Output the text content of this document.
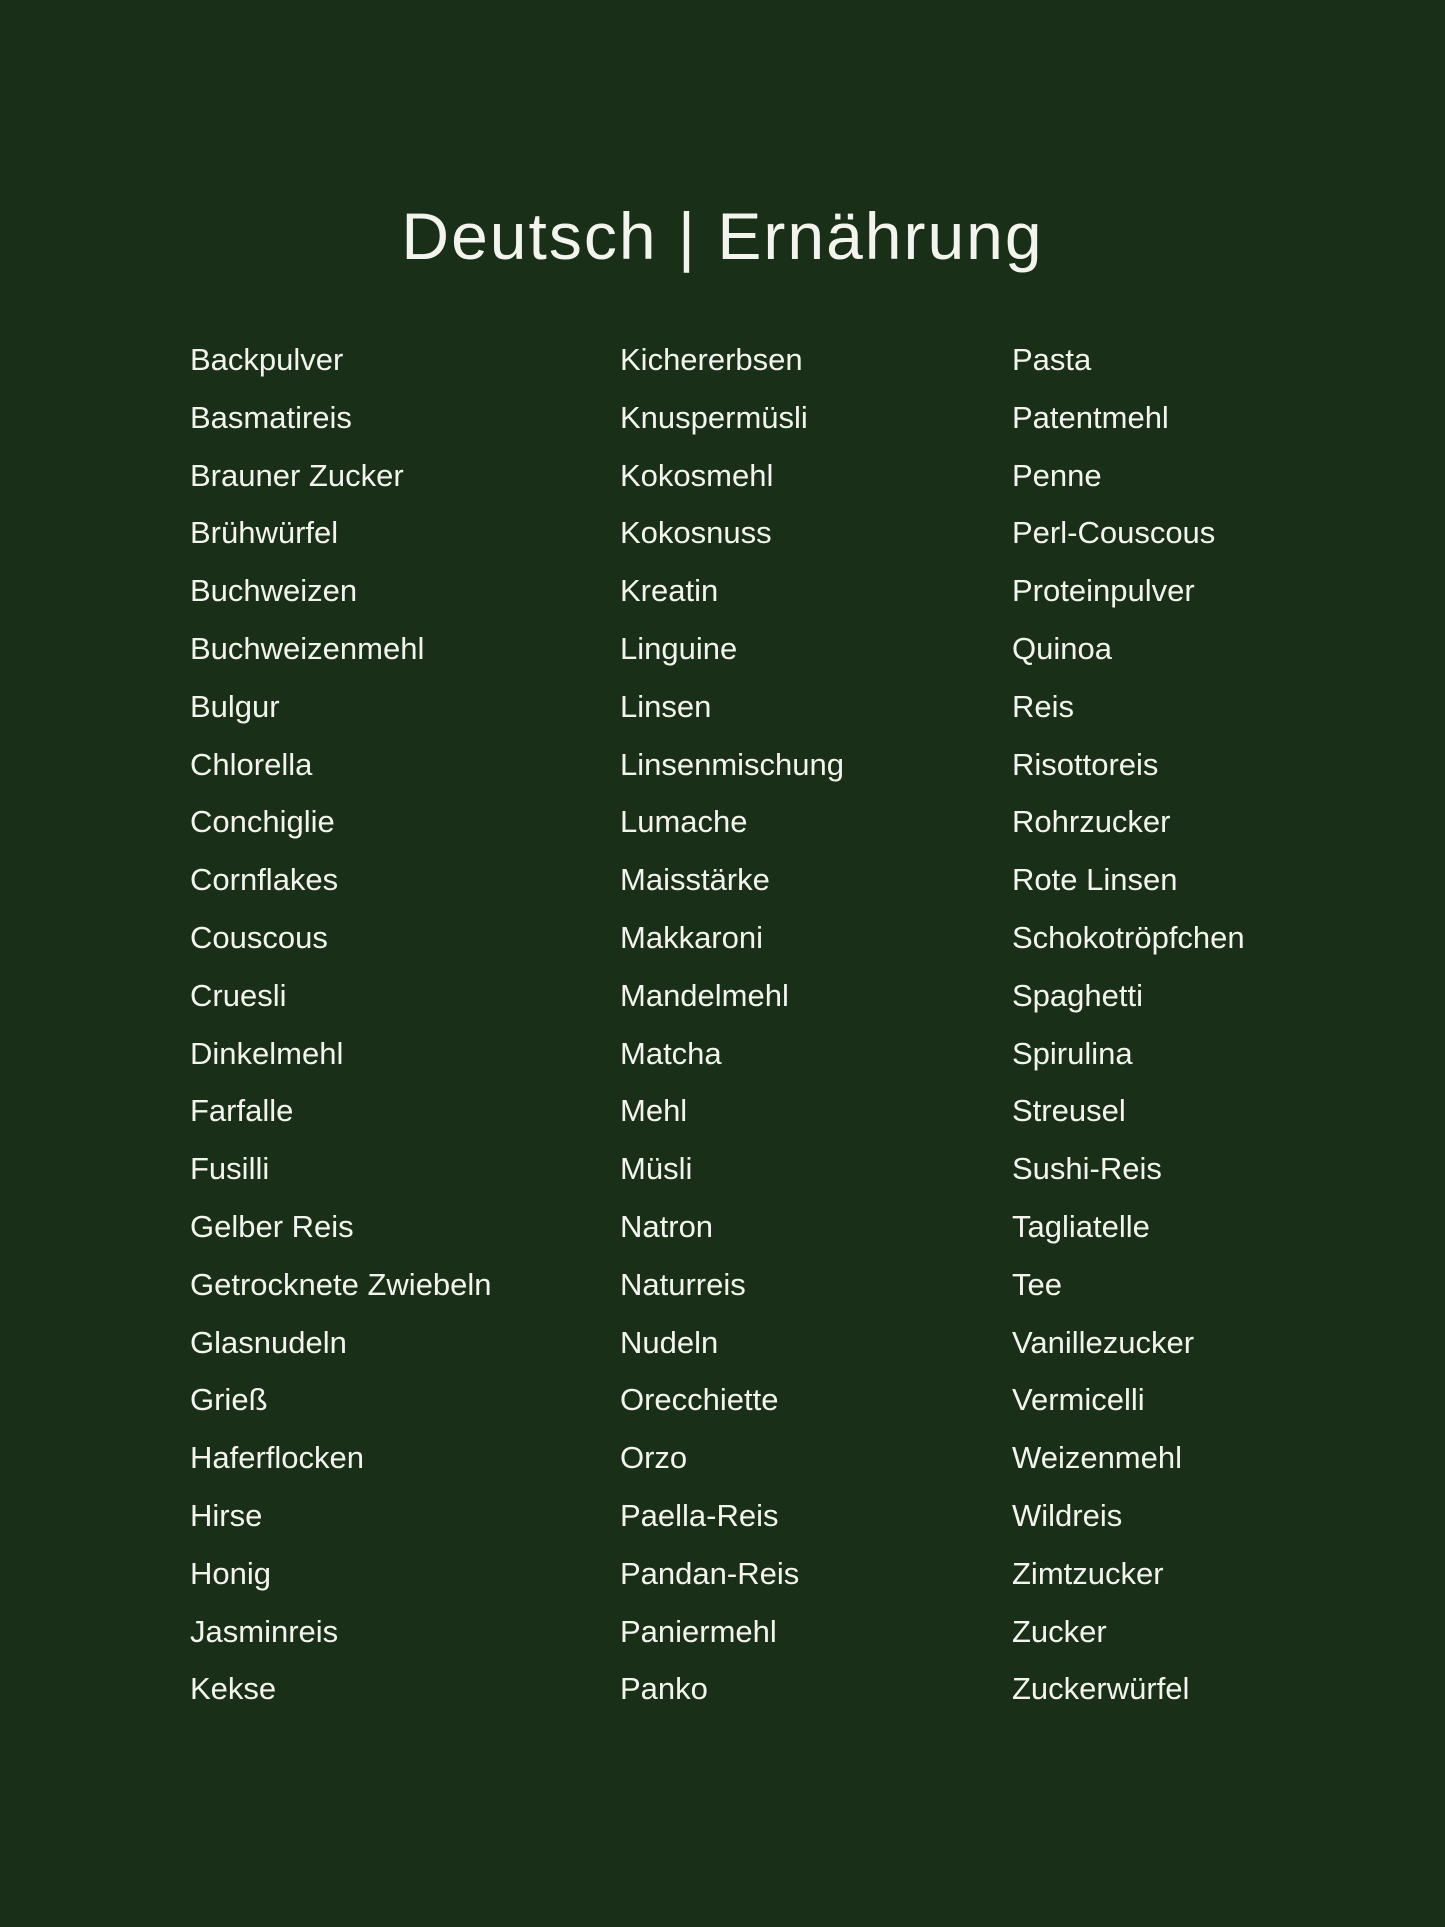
Deutsch | Ernährung
Backpulver
Basmatireis
Brauner Zucker
Brühwürfel
Buchweizen
Buchweizenmehl
Bulgur
Chlorella
Conchiglie
Cornflakes
Couscous
Cruesli
Dinkelmehl
Farfalle
Fusilli
Gelber Reis
Getrocknete Zwiebeln
Glasnudeln
Grieß
Haferflocken
Hirse
Honig
Jasminreis
Kekse
Kichererbsen
Knuspermüsli
Kokosmehl
Kokosnuss
Kreatin
Linguine
Linsen
Linsenmischung
Lumache
Maisstärke
Makkaroni
Mandelmehl
Matcha
Mehl
Müsli
Natron
Naturreis
Nudeln
Orecchiette
Orzo
Paella-Reis
Pandan-Reis
Paniermehl
Panko
Pasta
Patentmehl
Penne
Perl-Couscous
Proteinpulver
Quinoa
Reis
Risottoreis
Rohrzucker
Rote Linsen
Schokotröpfchen
Spaghetti
Spirulina
Streusel
Sushi-Reis
Tagliatelle
Tee
Vanillezucker
Vermicelli
Weizenmehl
Wildreis
Zimtzucker
Zucker
Zuckerwürfel
